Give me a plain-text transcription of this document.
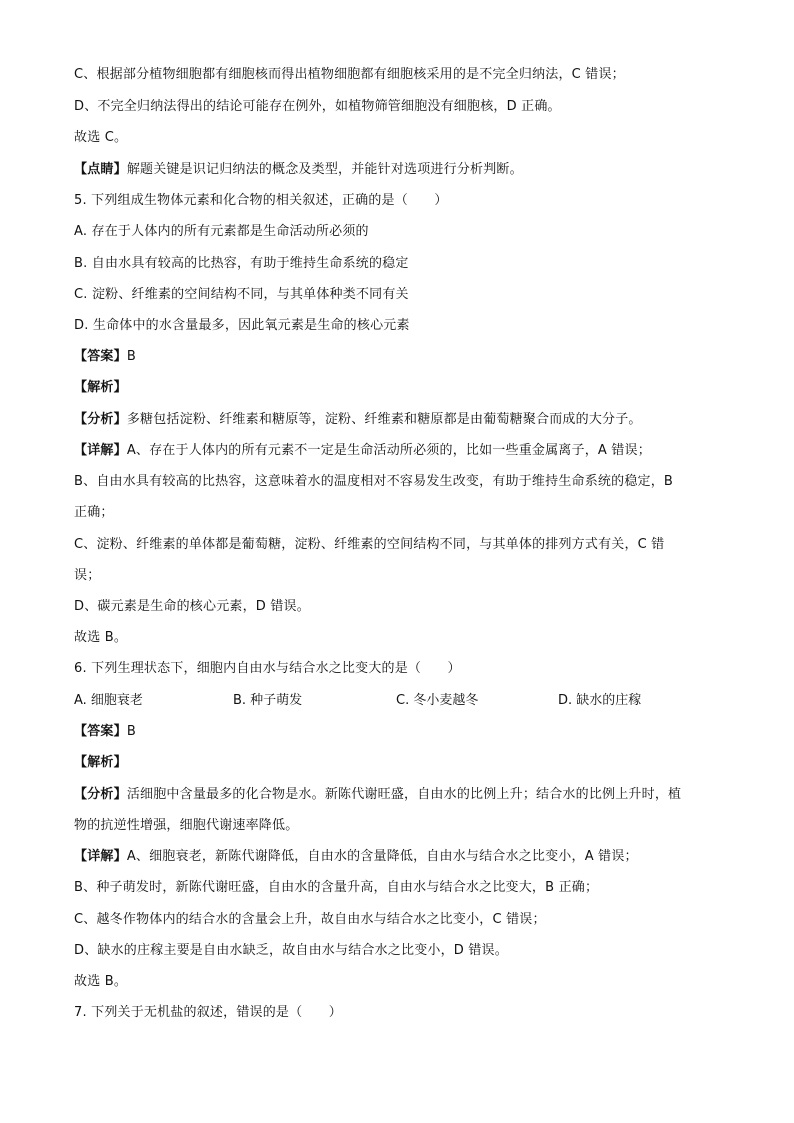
C、根据部分植物细胞都有细胞核而得出植物细胞都有细胞核采用的是不完全归纳法，C 错误；
D、不完全归纳法得出的结论可能存在例外，如植物筛管细胞没有细胞核，D 正确。
故选 C。
【点睛】解题关键是识记归纳法的概念及类型，并能针对选项进行分析判断。
5. 下列组成生物体元素和化合物的相关叙述，正确的是（　　）
A. 存在于人体内的所有元素都是生命活动所必须的
B. 自由水具有较高的比热容，有助于维持生命系统的稳定
C. 淀粉、纤维素的空间结构不同，与其单体种类不同有关
D. 生命体中的水含量最多，因此氧元素是生命的核心元素
【答案】B
【解析】
【分析】多糖包括淀粉、纤维素和糖原等，淀粉、纤维素和糖原都是由葡萄糖聚合而成的大分子。
【详解】A、存在于人体内的所有元素不一定是生命活动所必须的，比如一些重金属离子，A 错误；
B、自由水具有较高的比热容，这意味着水的温度相对不容易发生改变，有助于维持生命系统的稳定，B
正确；
C、淀粉、纤维素的单体都是葡萄糖，淀粉、纤维素的空间结构不同，与其单体的排列方式有关，C 错
误；
D、碳元素是生命的核心元素，D 错误。
故选 B。
6. 下列生理状态下，细胞内自由水与结合水之比变大的是（　　）
A. 细胞衰老	B. 种子萌发	C. 冬小麦越冬	D. 缺水的庄稼
【答案】B
【解析】
【分析】活细胞中含量最多的化合物是水。新陈代谢旺盛，自由水的比例上升；结合水的比例上升时，植
物的抗逆性增强，细胞代谢速率降低。
【详解】A、细胞衰老，新陈代谢降低，自由水的含量降低，自由水与结合水之比变小，A 错误；
B、种子萌发时，新陈代谢旺盛，自由水的含量升高，自由水与结合水之比变大，B 正确；
C、越冬作物体内的结合水的含量会上升，故自由水与结合水之比变小，C 错误；
D、缺水的庄稼主要是自由水缺乏，故自由水与结合水之比变小，D 错误。
故选 B。
7. 下列关于无机盐的叙述，错误的是（　　）
